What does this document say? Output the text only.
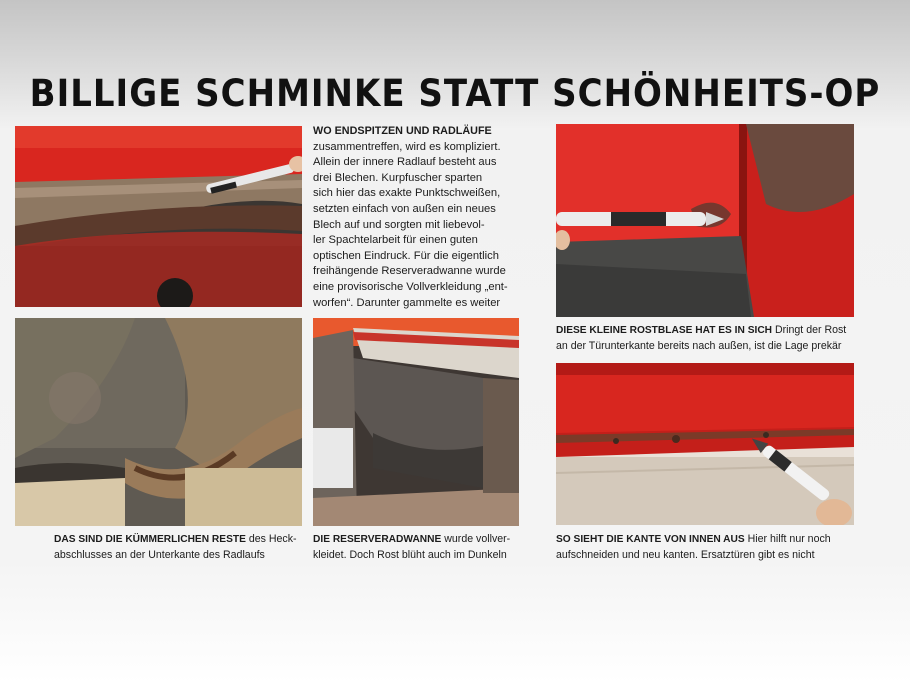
BILLIGE SCHMINKE STATT SCHÖNHEITS-OP

WO ENDSPITZEN UND RADLÄUFE
zusammentreffen, wird es kompliziert.
Allein der innere Radlauf besteht aus
drei Blechen. Kurpfuscher sparten
sich hier das exakte Punktschweißen,
setzten einfach von außen ein neues
Blech auf und sorgten mit liebevol-
ler Spachtelarbeit für einen guten
optischen Eindruck. Für die eigentlich
freihängende Reserveradwanne wurde
eine provisorische Vollverkleidung „ent-
worfen“. Darunter gammelte es weiter

DIESE KLEINE ROSTBLASE HAT ES IN SICH Dringt der Rost
an der Türunterkante bereits nach außen, ist die Lage prekär

DAS SIND DIE KÜMMERLICHEN RESTE des Heck-
abschlusses an der Unterkante des Radlaufs

DIE RESERVERADWANNE wurde vollver-
kleidet. Doch Rost blüht auch im Dunkeln

SO SIEHT DIE KANTE VON INNEN AUS Hier hilft nur noch
aufschneiden und neu kanten. Ersatztüren gibt es nicht
